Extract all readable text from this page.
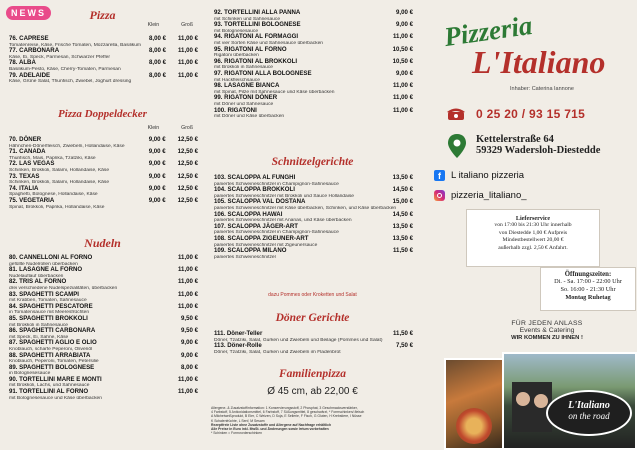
NEWS	Pizza
Klein	Groß
76. CAPRESE	8,00 € 11,00 €
Tomatenreise, Käse, Frische Tomaten, Mozzarella, Basilikum
77. CARBONARA	8,00 € 11,00 €
Käse, Ei, Speck, Parmesan, Schwarzer Pfeffer
78. ALBA	8,00 € 11,00 €
Basilikum-Pesto, Käse, Cherry-Tomaten, Parmesan
79. ADELAIDE	8,00 € 11,00 €
Käse, Grüne Salat, Thunfisch, Zwiebel, Joghurt dressing
Pizza Doppeldecker
Klein	Groß
70. DÖNER	9,00 € 12,50 €
Hähnchen-Dönerfleisch, Zwiebeln, Hollandaise, Käse
71. CANADA	9,00 € 12,50 €
Thunfisch, Mais, Paprika, Tzatziki, Käse
72. LAS VEGAS	9,00 € 12,50 €
Schinken, Brokkoli, Salami, Hollandaise, Käse
73. TEXAS	9,00 € 12,50 €
Schinken, Brokkoli, Salami, Hollandaise, Käse
74. ITALIA	9,00 € 12,50 €
Spaghetti, Bolognese, Hollandaise, Käse
75. VEGETARIA	9,00 € 12,50 €
Spinat, Brokkoli, Paprika, Hollandaise, Käse
Nudeln
80. CANNELLONI AL FORNO	11,00 €
gefüllte Nudelrollen überbacken
81. LASAGNE AL FORNO	11,00 €
Nudelauflauf überbacken
82. TRIS AL FORNO	11,00 €
drei verschiedene Nudelspezialitäten, überbacken
83. SPAGHETTI SCAMPI	11,00 €
mit Krabben, Tomaten, Sahnesauce
84. SPAGHETTI PESCATORE	11,00 €
in Tomatensauce mit Meeresfrüchten
85. SPAGHETTI BROKKOLI	9,50 €
mit Brokkoli in Sahnesauce
86. SPAGHETTI CARBONARA	9,50 €
mit Speck, Ei, Sahne, Käse
87. SPAGHETTI AGLIO E OLIO	9,00 €
Knoblauch, scharfe Peperoni, Olivenöl
88. SPAGHETTI ARRABIATA	9,00 €
Knoblauch, Peperoni, Tomaten, Petersilie
89. SPAGHETTI BOLOGNESE	8,00 €
in Bolognesesauce
90. TORTELLINI MARE E MONTI	11,00 €
mit Brokkoli, Lachs, und Sahnesauce
91. TORTELLINI AL FORNO	11,00 €
mit Bolognesesauce und Käse überbacken
92. TORTELLINI ALLA PANNA	9,00 €
mit Schinken und Sahnesauce
93. TORTELLINI BOLOGNESE	9,00 €
mit Bolognesesauce
94. RIGATONI AL FORMAGGI	11,00 €
mit vier Sorten Käse und Sahnesauce überbacken
95. RIGATONI AL FORNO	10,50 €
Rigatoni überbacken
96. RIGATONI AL BROKKOLI	10,50 €
mit Brokkoli in Sahnesauce
97. RIGATONI ALLA BOLOGNESE	9,00 €
mit Hackfleischsauce
98. LASAGNE BIANCA	11,00 €
mit Spinat, Pilze mit Sahnesauce und Käse überbacken
99. RIGATONI DÖNER	11,00 €
mit Döner und Sahnesauce
100. RIGATONI	11,00 €
mit Döner und Käse überbacken
Schnitzelgerichte
103. SCALOPPA AL FUNGHI	13,50 €
paniertes Schweineschnitzel in Champignon-Sahnesauce
104. SCALOPPA BROKKOLI	14,50 €
paniertes Schweineschnitzel mit Brokkoli und Sauce Hollandaise
105. SCALOPPA VAL DOSTANA	15,00 €
paniertes Schweineschnitzel mit Käse überbacken, Schinken, und Käse überbacken
106. SCALOPPA HAWAI	14,50 €
paniertes Schweineschnitzel mit Ananas, und Käse überbacken
107. SCALOPPA JÄGER-ART	13,50 €
paniertes Schweineschnitzel in Champignon-Sahnesauce
108. SCALOPPA ZIGEUNER-ART	13,50 €
paniertes Schweineschnitzel mit Zigeunersauce
109. SCALOPPA MILANO	11,50 €
paniertes Schweineschnitzel
dazu Pommes oder Kroketten und Salat
Döner Gerichte
111. Döner-Teller	11,50 €
Döner, Tzatziki, Salat, Gurken und Zwiebeln und Beilage (Pommes und Salat)
113. Döner-Rolle	7,50 €
Döner, Tzatziki, Salat, Gurken und Zwiebeln im Fladenbrot
Familienpizza
Ø 45 cm, ab 22,00 €
Allergene- & Zusatzstoffinformation: 1 Konservierungsstoff, 2 Phosphat, 3 Geschmacksverstärker,
4 Farbstoff, 5 Antioxidationsmittel, 6 Farbstoff, 7 Süßungsmittel, 8 geschwärzt, * Formschinken/-fleisch
A Milcheiweißprodukt, B Eier, C Weizen, D Soja, E Sellerie, F Fisch, G Gluten, H Krebstiere, I Nüsse
K Schalenfrüchte, L Senf, M Sesam
Rezeptfreie Liste ohne Zusatzstoffe und Allergene auf Nachfrage erhältlich
Alle Preise in Euro inkl. MwSt. und Änderungen sowie Irrtum vorbehalten
* Schinken = Formvorderschinken
Pizzeria
L'Italiano
Inhaber: Caterina Iannone
0 25 20 / 93 15 715
Kettelerstraße 64
59329 Wadersloh-Diestedde
f	L italiano pizzeria
pizzeria_litaliano_
Lieferservice
von 17:00 bis 21:30 Uhr innerhalb
von Diestedde 1,00 € Aufpreis
Mindestbestellwert 20,00 €
außerhalb zzgl. 2,50 € Anfahrt.
Öffnungszeiten:
Di. - Sa. 17:00 - 22:00 Uhr
So. 16:00 - 21:30 Uhr
Montag Ruhetag
FÜR JEDEN ANLASS
Events & Catering
WIR KOMMEN ZU IHNEN !
L'Italiano
on the road
